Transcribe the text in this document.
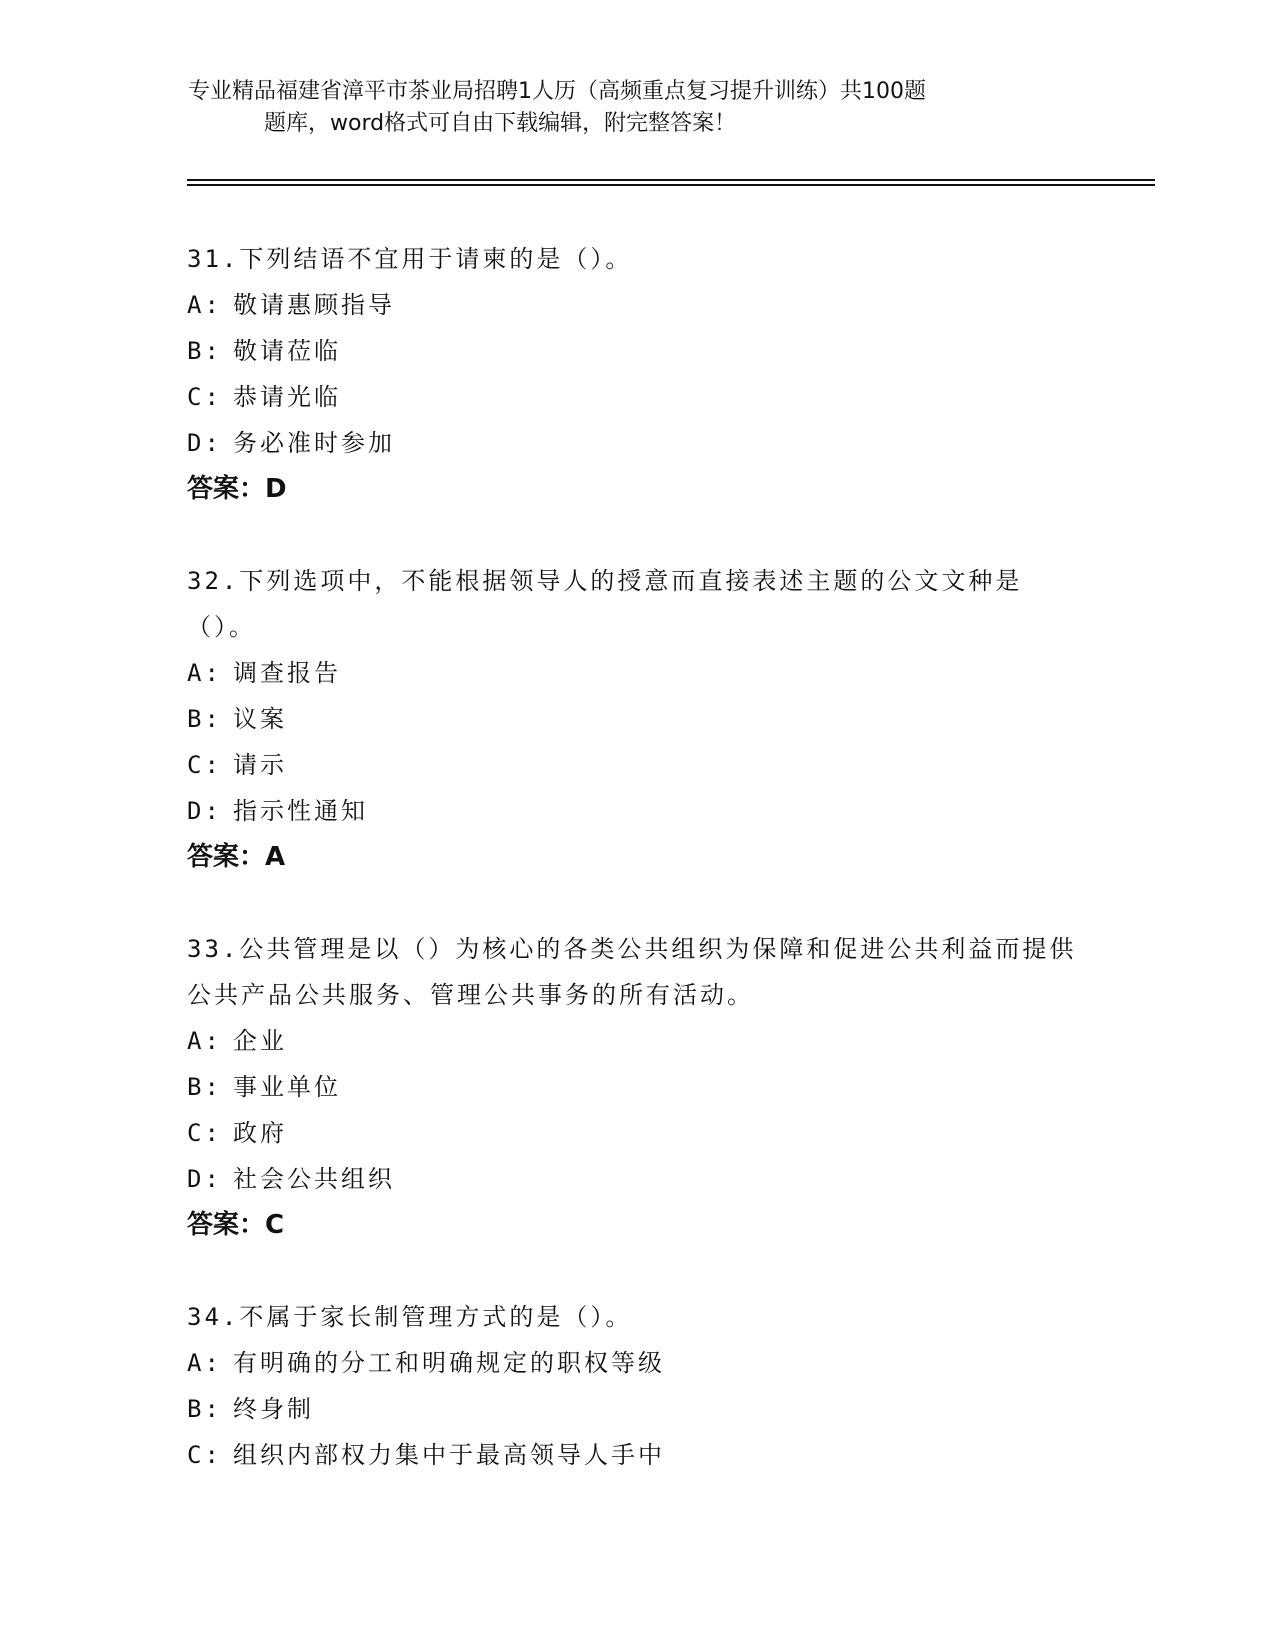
专业精品福建省漳平市茶业局招聘1人历（高频重点复习提升训练）共100题
题库，word格式可自由下载编辑，附完整答案！

31.下列结语不宜用于请柬的是（）。

A: 敬请惠顾指导

B: 敬请莅临

C: 恭请光临

D: 务必准时参加

答案：D

32.下列选项中，不能根据领导人的授意而直接表述主题的公文文种是（）。

A: 调查报告

B: 议案

C: 请示

D: 指示性通知

答案：A

33.公共管理是以（）为核心的各类公共组织为保障和促进公共利益而提供公共产品公共服务、管理公共事务的所有活动。

A: 企业

B: 事业单位

C: 政府

D: 社会公共组织

答案：C

34.不属于家长制管理方式的是（）。

A: 有明确的分工和明确规定的职权等级

B: 终身制

C: 组织内部权力集中于最高领导人手中
